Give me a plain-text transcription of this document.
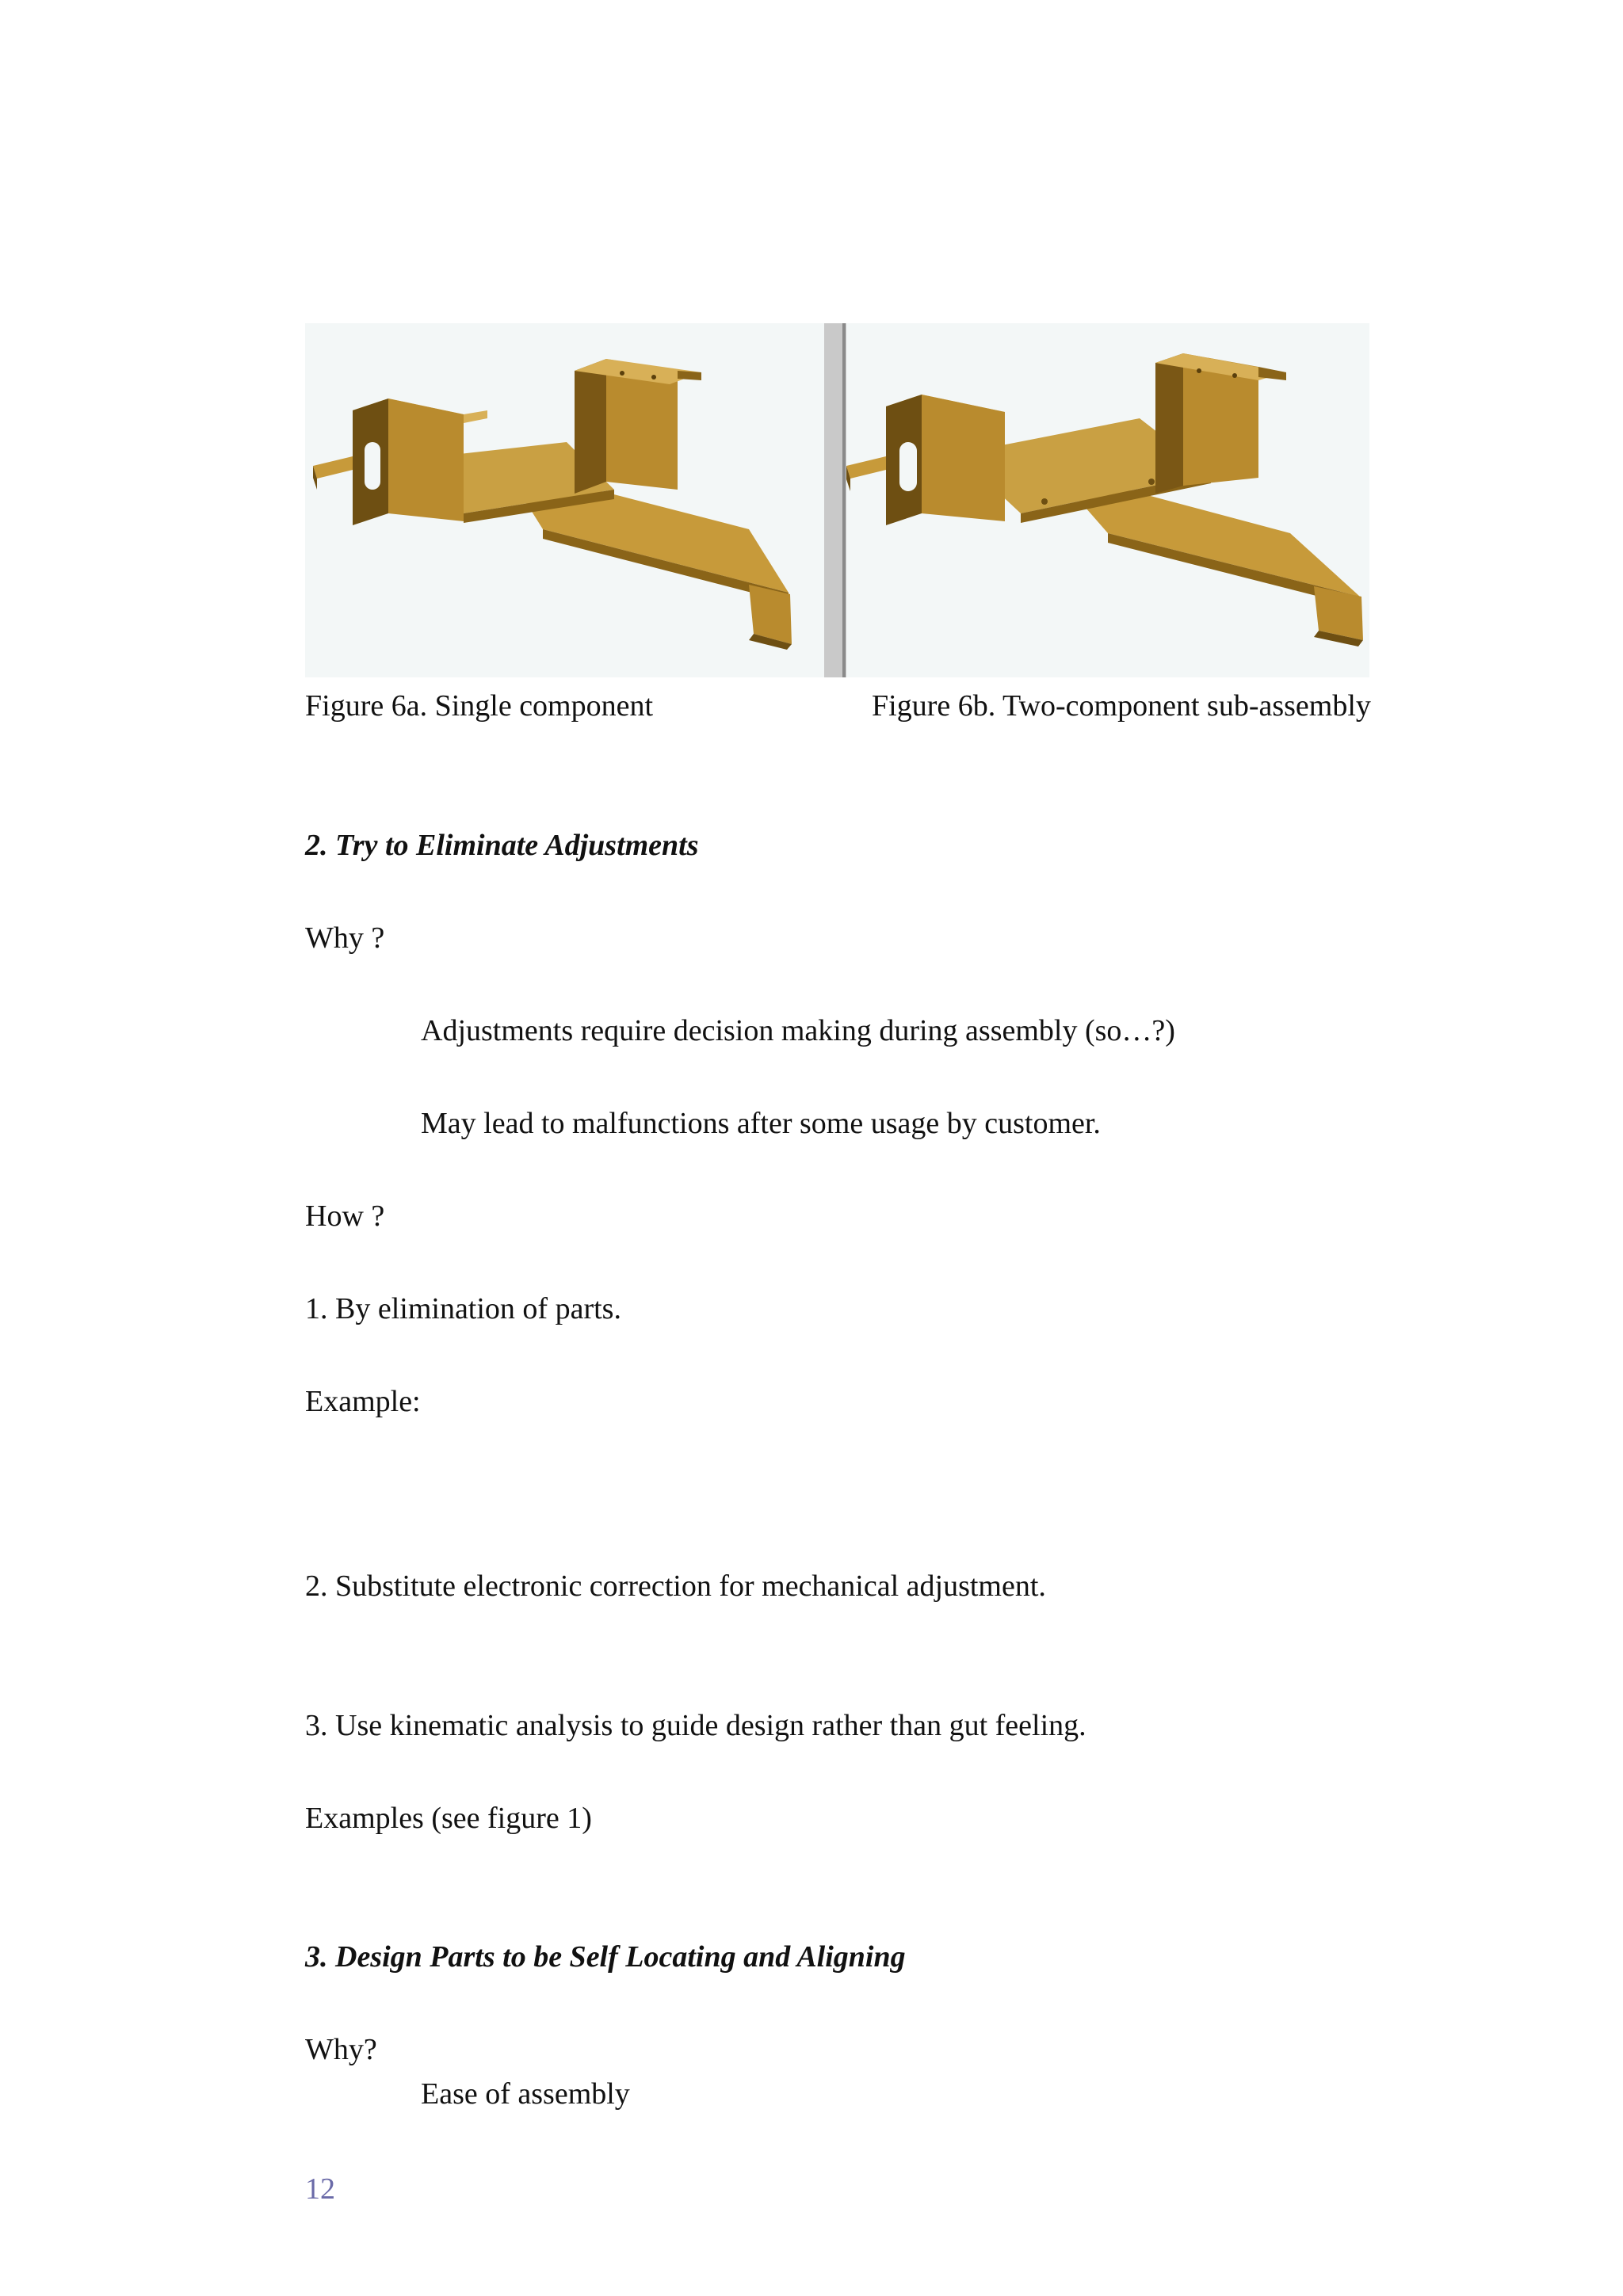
Figure 6a. Single component	Figure 6b. Two-component sub-assembly
2. Try to Eliminate Adjustments
Why ?
Adjustments require decision making during assembly (so…?)
May lead to malfunctions after some usage by customer.
How ?
1. By elimination of parts.
Example:
2. Substitute electronic correction for mechanical adjustment.
3. Use kinematic analysis to guide design rather than gut feeling.
Examples (see figure 1)
3. Design Parts to be Self Locating and Aligning
Why?
Ease of assembly
12
